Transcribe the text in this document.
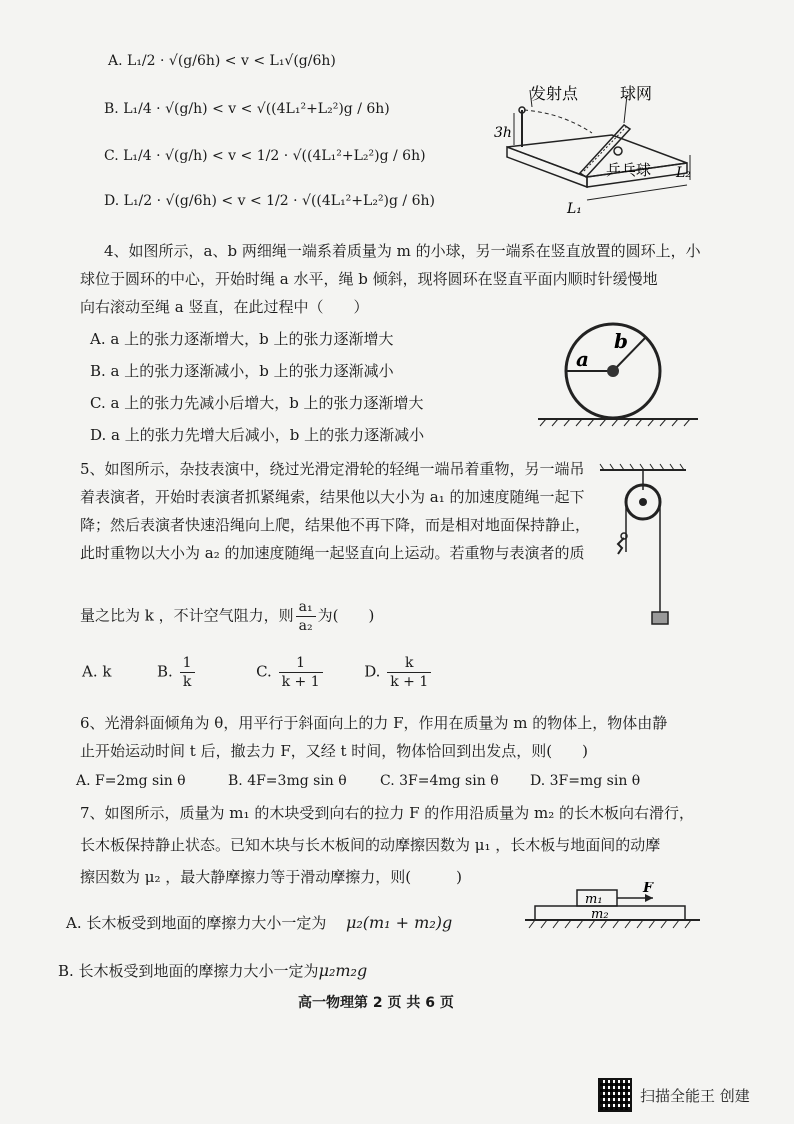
A. L₁/2 · √(g/6h) < v < L₁√(g/6h)
B. L₁/4 · √(g/h) < v < √((4L₁²+L₂²)g / 6h)
C. L₁/4 · √(g/h) < v < 1/2 · √((4L₁²+L₂²)g / 6h)
D. L₁/2 · √(g/6h) < v < 1/2 · √((4L₁²+L₂²)g / 6h)
发射点	球网
3h
乒乓球 L₂
L₁
4、如图所示，a、b 两细绳一端系着质量为 m 的小球，另一端系在竖直放置的圆环上，小
球位于圆环的中心，开始时绳 a 水平，绳 b 倾斜，现将圆环在竖直平面内顺时针缓慢地
向右滚动至绳 a 竖直，在此过程中（　　）
A. a 上的张力逐渐增大，b 上的张力逐渐增大
B. a 上的张力逐渐减小，b 上的张力逐渐减小
C. a 上的张力先减小后增大，b 上的张力逐渐增大
D. a 上的张力先增大后减小，b 上的张力逐渐减小
a
b
5、如图所示，杂技表演中，绕过光滑定滑轮的轻绳一端吊着重物，另一端吊
着表演者，开始时表演者抓紧绳索，结果他以大小为 a₁ 的加速度随绳一起下
降；然后表演者快速沿绳向上爬，结果他不再下降，而是相对地面保持静止，
此时重物以大小为 a₂ 的加速度随绳一起竖直向上运动。若重物与表演者的质
量之比为 k ，不计空气阻力，则 $\frac{\text{a₁}}{\text{a₂}}$ 为(　　)
A. k	B. $\frac{1}{k}$	C. $\frac{1}{k + 1}$	D. $\frac{k}{k + 1}$
6、光滑斜面倾角为 θ，用平行于斜面向上的力 F，作用在质量为 m 的物体上，物体由静
止开始运动时间 t 后，撤去力 F，又经 t 时间，物体恰回到出发点，则(　　)
A. F=2mg sin θ	B. 4F=3mg sin θ C. 3F=4mg sin θ D. 3F=mg sin θ
7、如图所示，质量为 m₁ 的木块受到向右的拉力 F 的作用沿质量为 m₂ 的长木板向右滑行，
长木板保持静止状态。已知木块与长木板间的动摩擦因数为 μ₁ ，长木板与地面间的动摩
擦因数为 μ₂ ，最大静摩擦力等于滑动摩擦力，则(　　　)
A. 长木板受到地面的摩擦力大小一定为 μ₂(m₁ + m₂)g
B. 长木板受到地面的摩擦力大小一定为μ₂m₂g
m₁
m₂
F
高一物理第 2 页 共 6 页
扫描全能王 创建
